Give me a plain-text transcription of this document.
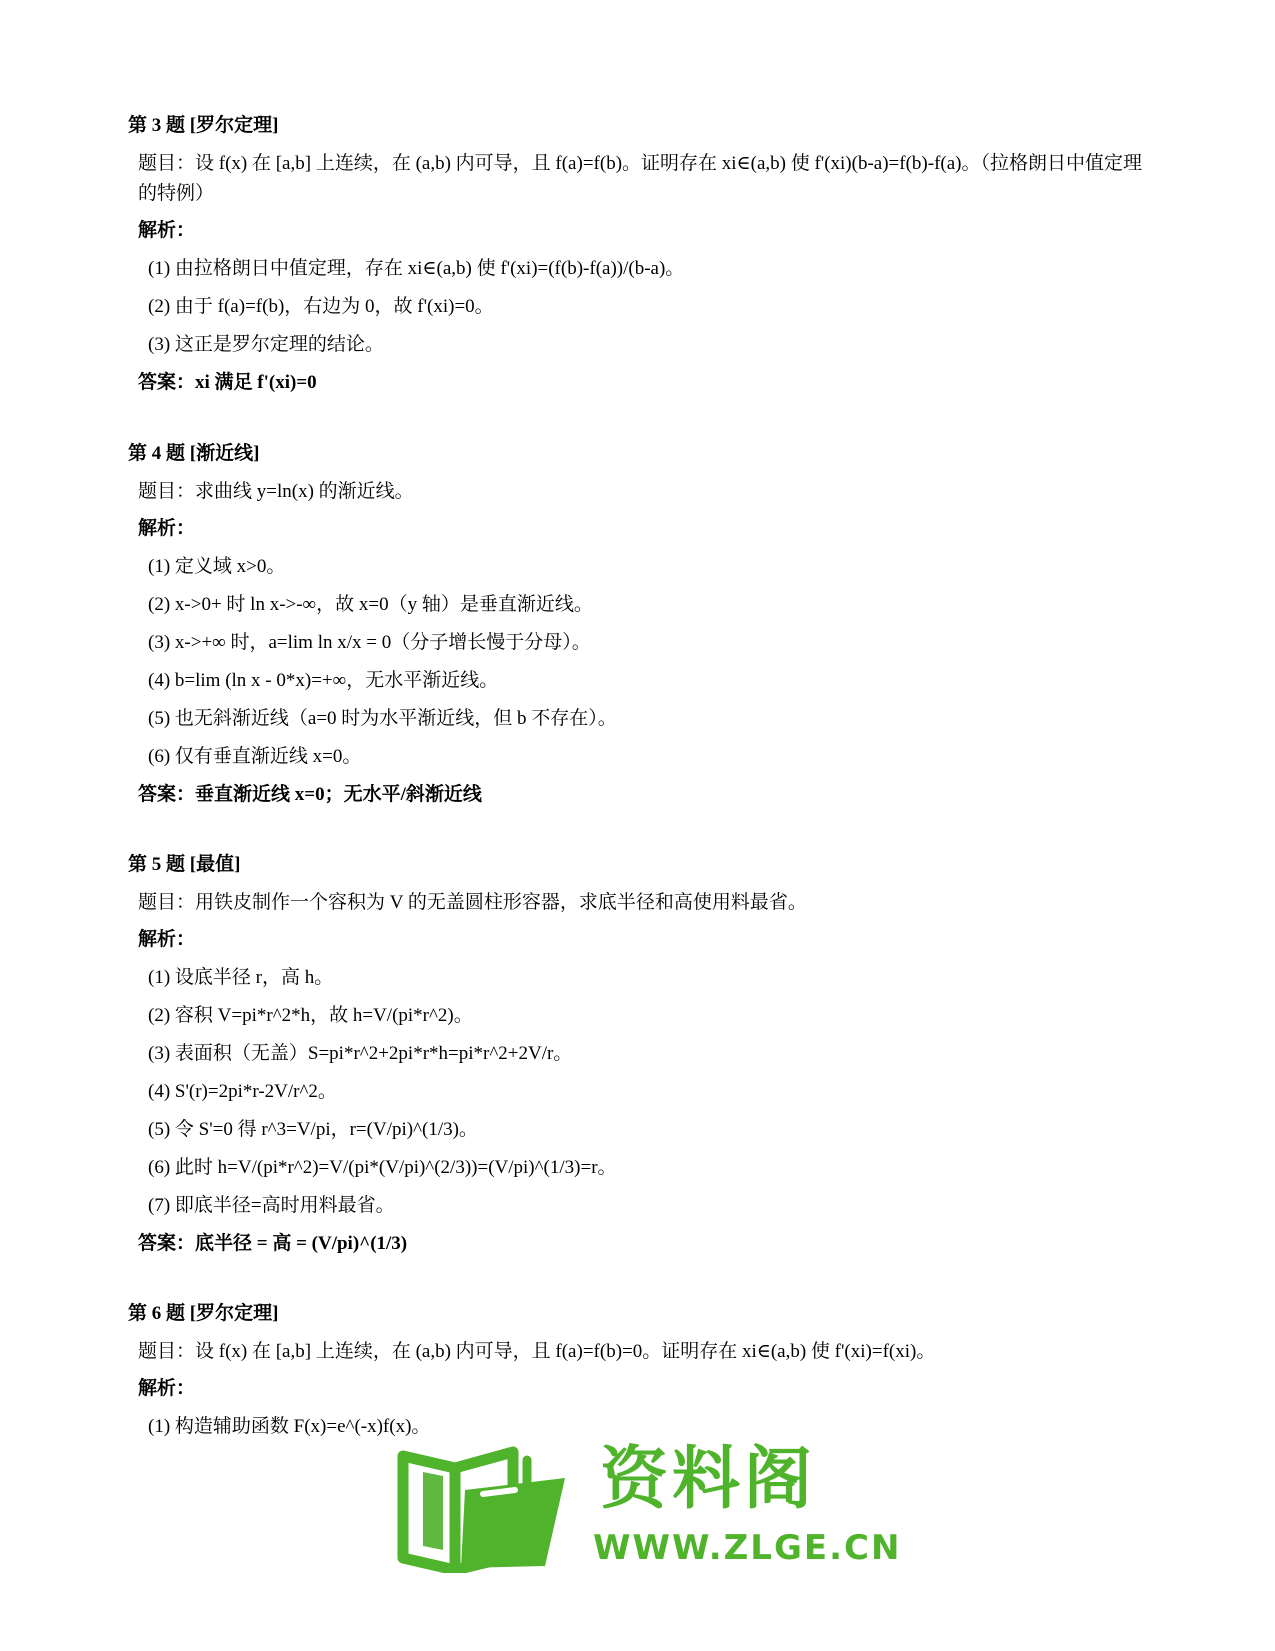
第 3 题 [罗尔定理]
题目：设 f(x) 在 [a,b] 上连续，在 (a,b) 内可导，且 f(a)=f(b)。证明存在 xi∈(a,b) 使 f'(xi)(b-a)=f(b)-f(a)。（拉格朗日中值定理的特例）
解析：
(1) 由拉格朗日中值定理，存在 xi∈(a,b) 使 f'(xi)=(f(b)-f(a))/(b-a)。
(2) 由于 f(a)=f(b)，右边为 0，故 f'(xi)=0。
(3) 这正是罗尔定理的结论。
答案：xi 满足 f'(xi)=0
第 4 题 [渐近线]
题目：求曲线 y=ln(x) 的渐近线。
解析：
(1) 定义域 x>0。
(2) x->0+ 时 ln x->-∞，故 x=0（y 轴）是垂直渐近线。
(3) x->+∞ 时，a=lim ln x/x = 0（分子增长慢于分母）。
(4) b=lim (ln x - 0*x)=+∞，无水平渐近线。
(5) 也无斜渐近线（a=0 时为水平渐近线，但 b 不存在）。
(6) 仅有垂直渐近线 x=0。
答案：垂直渐近线 x=0；无水平/斜渐近线
第 5 题 [最值]
题目：用铁皮制作一个容积为 V 的无盖圆柱形容器，求底半径和高使用料最省。
解析：
(1) 设底半径 r，高 h。
(2) 容积 V=pi*r^2*h，故 h=V/(pi*r^2)。
(3) 表面积（无盖）S=pi*r^2+2pi*r*h=pi*r^2+2V/r。
(4) S'(r)=2pi*r-2V/r^2。
(5) 令 S'=0 得 r^3=V/pi，r=(V/pi)^(1/3)。
(6) 此时 h=V/(pi*r^2)=V/(pi*(V/pi)^(2/3))=(V/pi)^(1/3)=r。
(7) 即底半径=高时用料最省。
答案：底半径 = 高 = (V/pi)^(1/3)
第 6 题 [罗尔定理]
题目：设 f(x) 在 [a,b] 上连续，在 (a,b) 内可导，且 f(a)=f(b)=0。证明存在 xi∈(a,b) 使 f'(xi)=f(xi)。
解析：
(1) 构造辅助函数 F(x)=e^(-x)f(x)。
资料阁
WWW.ZLGE.CN
